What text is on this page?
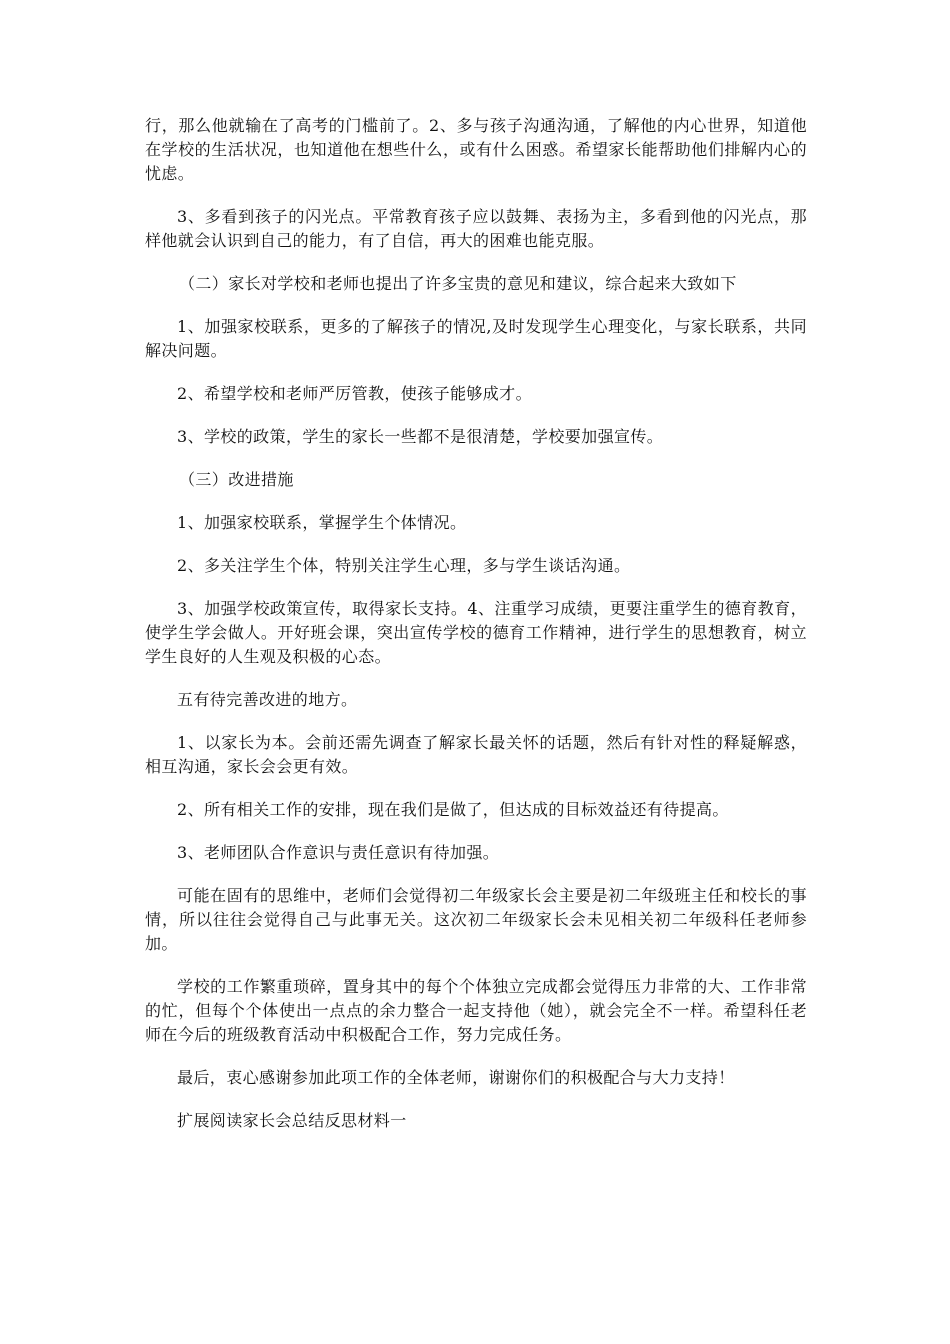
行，那么他就输在了高考的门槛前了。2、多与孩子沟通沟通，了解他的内心世界，知道他在学校的生活状况，也知道他在想些什么，或有什么困惑。希望家长能帮助他们排解内心的忧虑。

3、多看到孩子的闪光点。平常教育孩子应以鼓舞、表扬为主，多看到他的闪光点，那样他就会认识到自己的能力，有了自信，再大的困难也能克服。

（二）家长对学校和老师也提出了许多宝贵的意见和建议，综合起来大致如下

1、加强家校联系，更多的了解孩子的情况,及时发现学生心理变化，与家长联系，共同解决问题。

2、希望学校和老师严厉管教，使孩子能够成才。

3、学校的政策，学生的家长一些都不是很清楚，学校要加强宣传。

（三）改进措施

1、加强家校联系，掌握学生个体情况。

2、多关注学生个体，特别关注学生心理，多与学生谈话沟通。

3、加强学校政策宣传，取得家长支持。4、注重学习成绩，更要注重学生的德育教育，使学生学会做人。开好班会课，突出宣传学校的德育工作精神，进行学生的思想教育，树立学生良好的人生观及积极的心态。

五有待完善改进的地方。

1、以家长为本。会前还需先调查了解家长最关怀的话题，然后有针对性的释疑解惑，相互沟通，家长会会更有效。

2、所有相关工作的安排，现在我们是做了，但达成的目标效益还有待提高。

3、老师团队合作意识与责任意识有待加强。

可能在固有的思维中，老师们会觉得初二年级家长会主要是初二年级班主任和校长的事情，所以往往会觉得自己与此事无关。这次初二年级家长会未见相关初二年级科任老师参加。

学校的工作繁重琐碎，置身其中的每个个体独立完成都会觉得压力非常的大、工作非常的忙，但每个个体使出一点点的余力整合一起支持他（她），就会完全不一样。希望科任老师在今后的班级教育活动中积极配合工作，努力完成任务。

最后，衷心感谢参加此项工作的全体老师，谢谢你们的积极配合与大力支持！

扩展阅读家长会总结反思材料一
